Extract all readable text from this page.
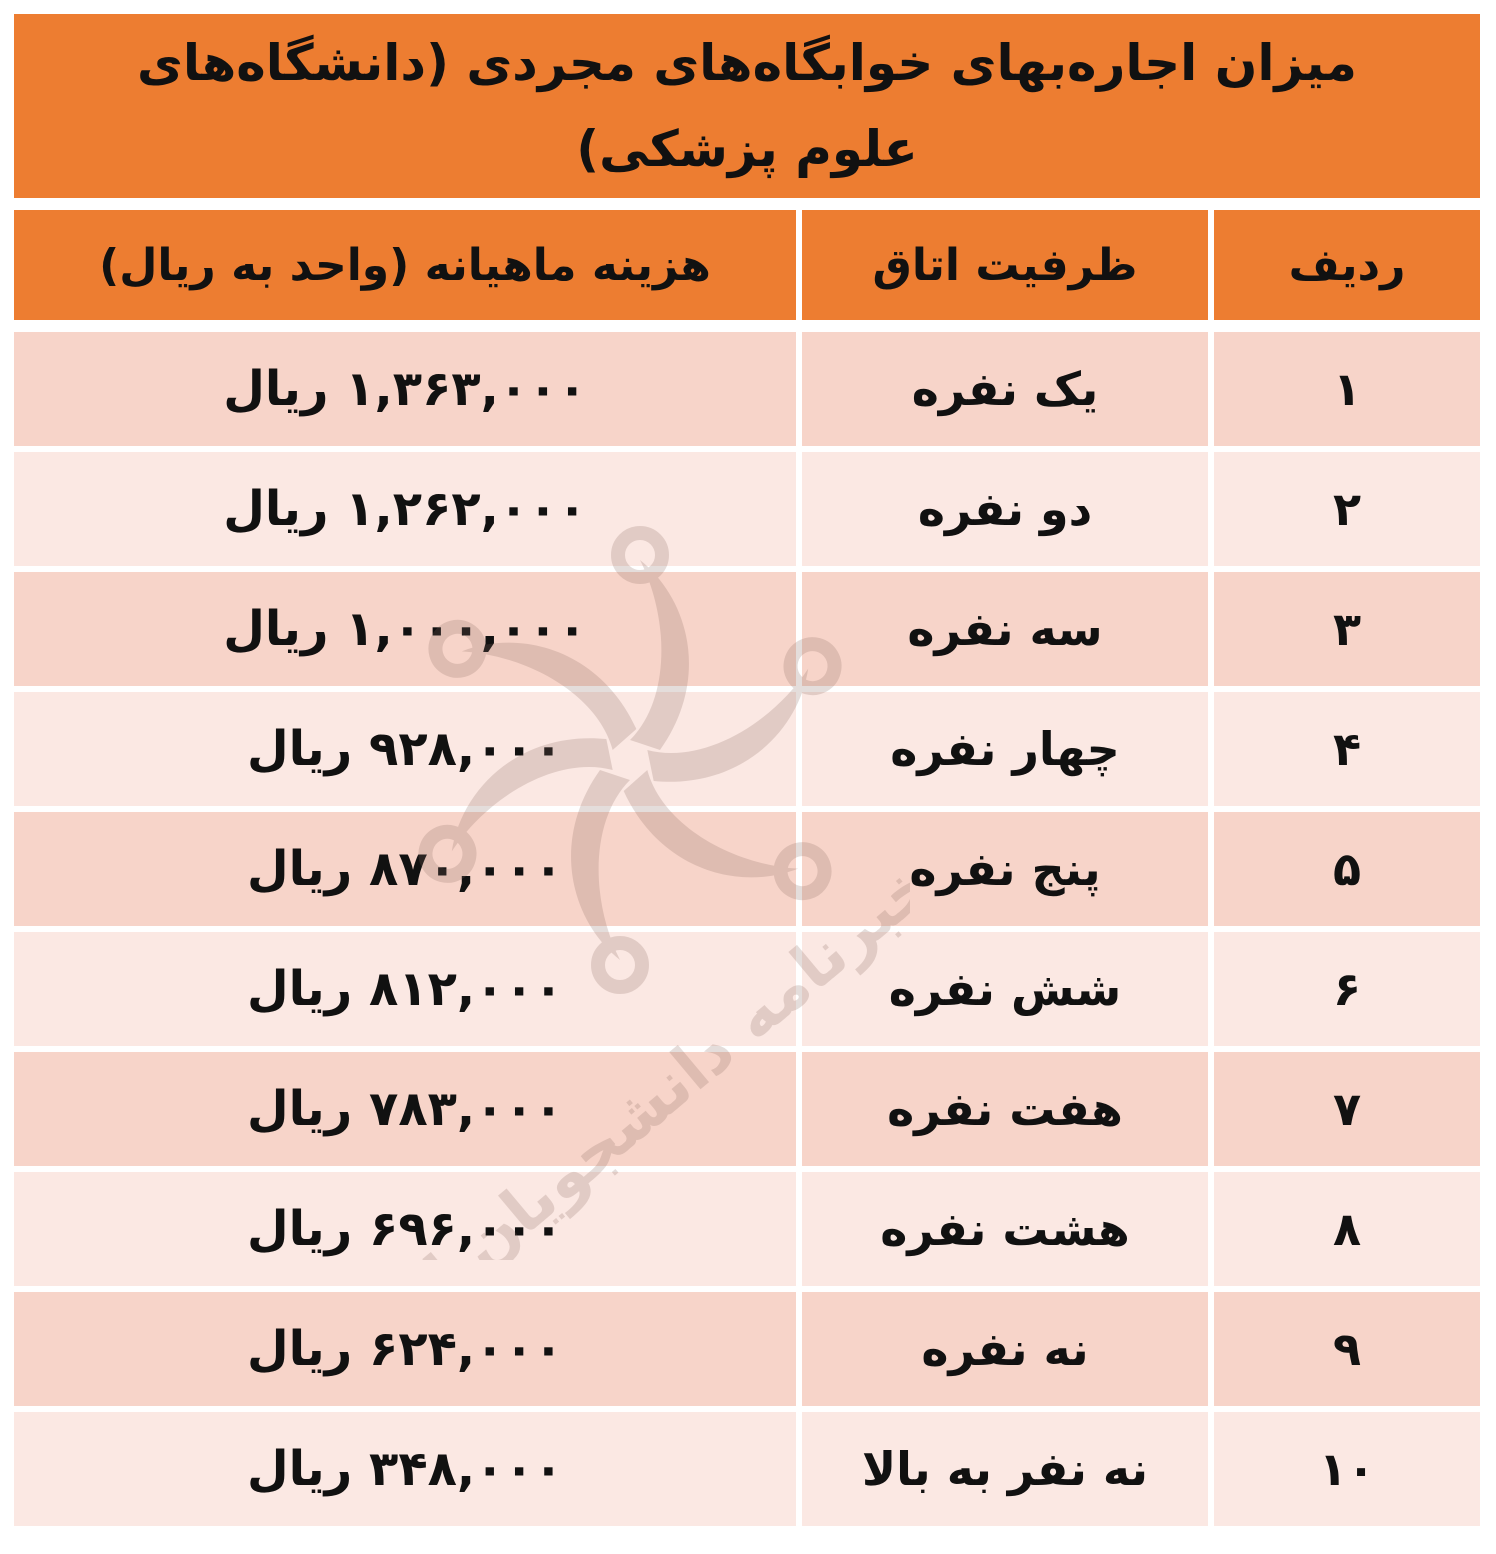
میزان اجاره‌بهای خوابگاه‌های مجردی (دانشگاه‌های علوم پزشکی)
ردیف
ظرفیت اتاق
هزینه ماهیانه (واحد به ریال)
۱
یک نفره
۱,۳۶۳,۰۰۰ ریال
۲
دو نفره
۱,۲۶۲,۰۰۰ ریال
۳
سه نفره
۱,۰۰۰,۰۰۰ ریال
۴
چهار نفره
۹۲۸,۰۰۰ ریال
۵
پنج نفره
۸۷۰,۰۰۰ ریال
۶
شش نفره
۸۱۲,۰۰۰ ریال
۷
هفت نفره
۷۸۳,۰۰۰ ریال
۸
هشت نفره
۶۹۶,۰۰۰ ریال
۹
نه نفره
۶۲۴,۰۰۰ ریال
۱۰
نه نفر به بالا
۳۴۸,۰۰۰ ریال
خبرنامه دانشجویان
